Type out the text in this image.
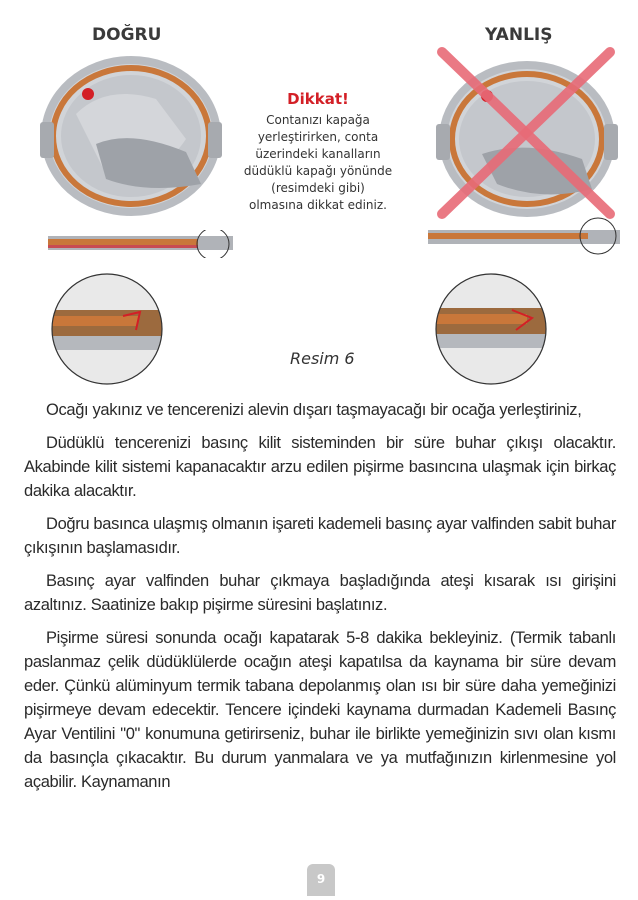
DOĞRU	YANLIŞ
Dikkat!
Contanızı kapağa
yerleştirirken, conta
üzerindeki kanalların
düdüklü kapağı yönünde
(resimdeki gibi)
olmasına dikkat ediniz.
Resim 6

Ocağı yakınız ve tencerenizi alevin dışarı taşmayacağı bir ocağa yerleştiriniz,

Düdüklü tencerenizi basınç kilit sisteminden bir süre buhar çıkışı olacaktır. Akabinde kilit sistemi kapanacaktır arzu edilen pişirme basıncına ulaşmak için birkaç dakika alacaktır.

Doğru basınca ulaşmış olmanın işareti kademeli basınç ayar valfinden sabit buhar çıkışının başlamasıdır.

Basınç ayar valfinden buhar çıkmaya başladığında ateşi kısarak ısı girişini azaltınız. Saatinize bakıp pişirme süresini başlatınız.

Pişirme süresi sonunda ocağı kapatarak 5-8 dakika bekleyiniz. (Termik tabanlı paslanmaz çelik düdüklülerde ocağın ateşi kapatılsa da kaynama bir süre devam eder. Çünkü alüminyum termik tabana depolanmış olan ısı bir süre daha yemeğinizi pişirmeye devam edecektir. Tencere içindeki kaynama durmadan Kademeli Basınç Ayar Ventilini "0" konumuna getirirseniz, buhar ile birlikte yemeğinizin sıvı olan kısmı da basınçla çıkacaktır. Bu durum yanmalara ve ya mutfağınızın kirlenmesine yol açabilir. Kaynamanın

9
